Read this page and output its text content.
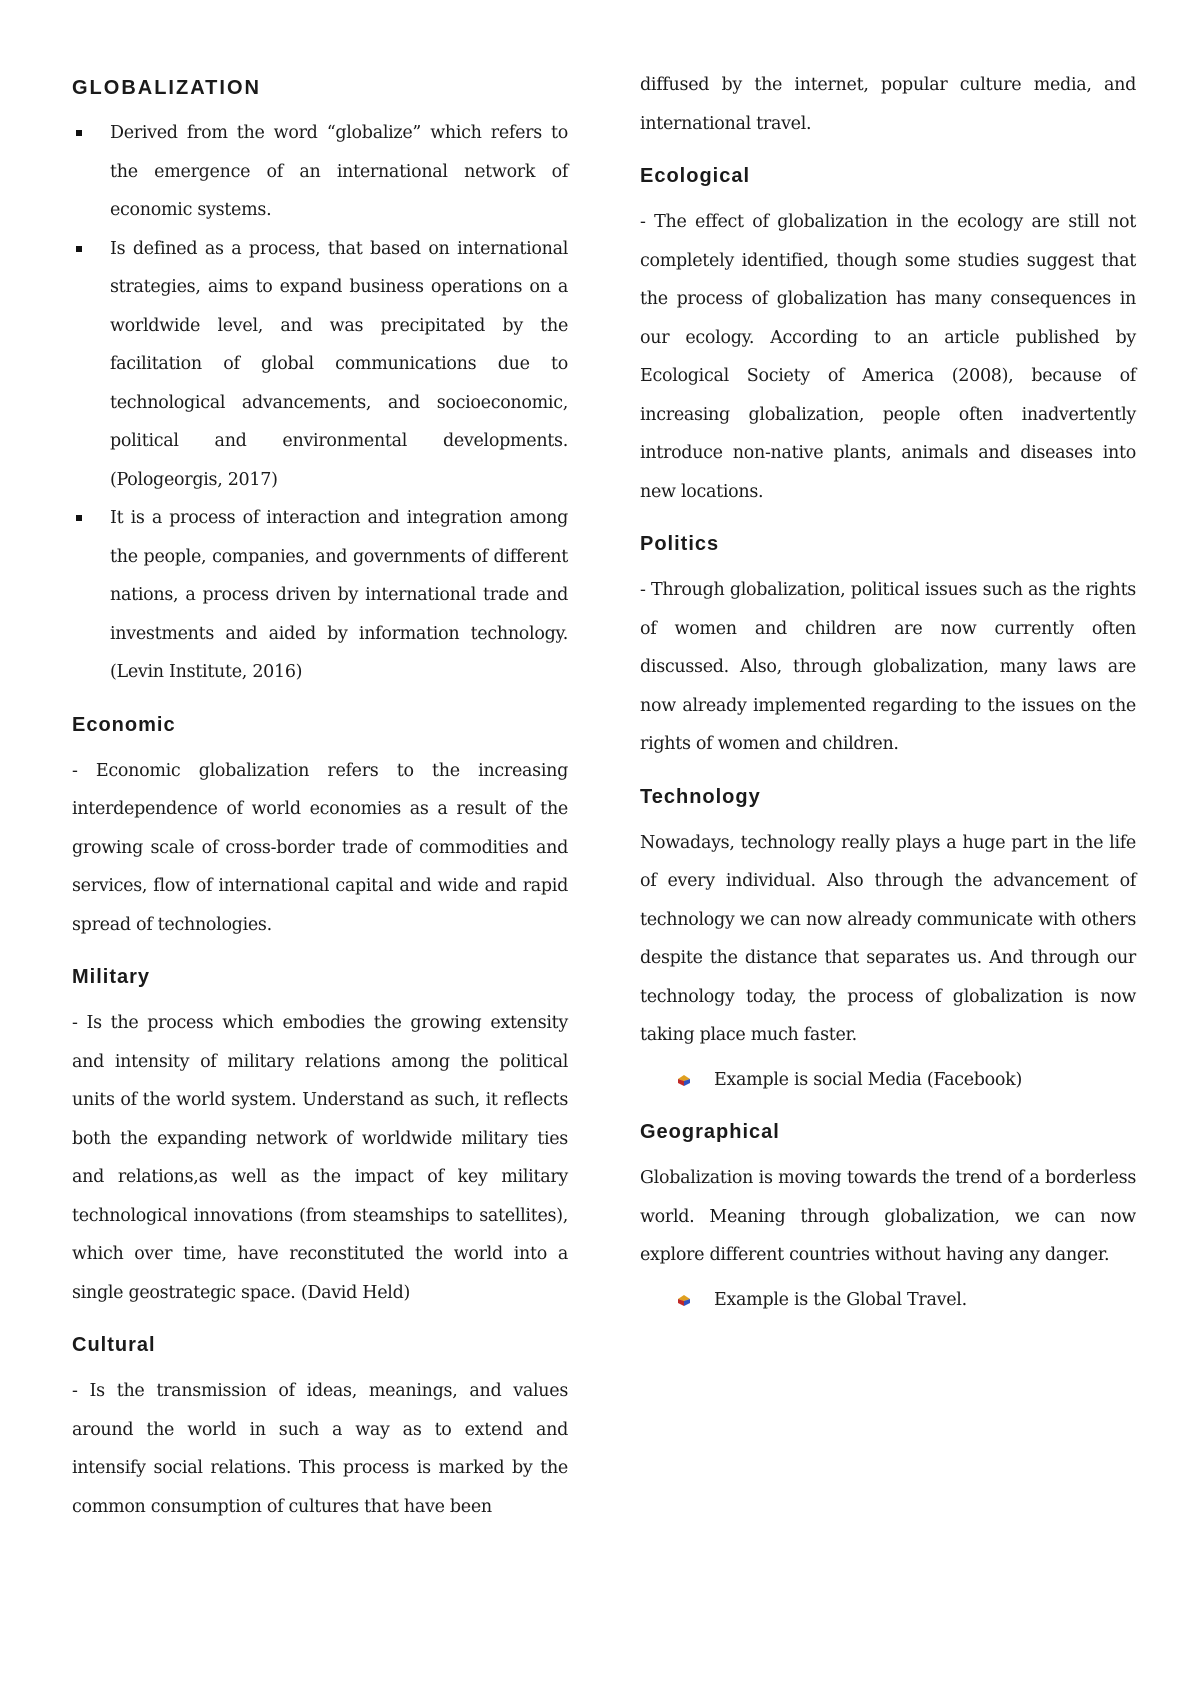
GLOBALIZATION

Derived from the word “globalize” which refers to the emergence of an international network of economic systems.

Is defined as a process, that based on international strategies, aims to expand business operations on a worldwide level, and was precipitated by the facilitation of global communications due to technological advancements, and socioeconomic, political and environmental developments. (Pologeorgis, 2017)

It is a process of interaction and integration among the people, companies, and governments of different nations, a process driven by international trade and investments and aided by information technology. (Levin Institute, 2016)

Economic

- Economic globalization refers to the increasing interdependence of world economies as a result of the growing scale of cross-border trade of commodities and services, flow of international capital and wide and rapid spread of technologies.

Military

- Is the process which embodies the growing extensity and intensity of military relations among the political units of the world system. Understand as such, it reflects both the expanding network of worldwide military ties and relations,as well as the impact of key military technological innovations (from steamships to satellites), which over time, have reconstituted the world into a single geostrategic space. (David Held)

Cultural

- Is the transmission of ideas, meanings, and values around the world in such a way as to extend and intensify social relations. This process is marked by the common consumption of cultures that have been

diffused by the internet, popular culture media, and international travel.

Ecological

- The effect of globalization in the ecology are still not completely identified, though some studies suggest that the process of globalization has many consequences in our ecology. According to an article published by Ecological Society of America (2008), because of increasing globalization, people often inadvertently introduce non-native plants, animals and diseases into new locations.

Politics

- Through globalization, political issues such as the rights of women and children are now currently often discussed. Also, through globalization, many laws are now already implemented regarding to the issues on the rights of women and children.

Technology

Nowadays, technology really plays a huge part in the life of every individual. Also through the advancement of technology we can now already communicate with others despite the distance that separates us. And through our technology today, the process of globalization is now taking place much faster.

Example is social Media (Facebook)

Geographical

Globalization is moving towards the trend of a borderless world. Meaning through globalization, we can now explore different countries without having any danger.

Example is the Global Travel.
